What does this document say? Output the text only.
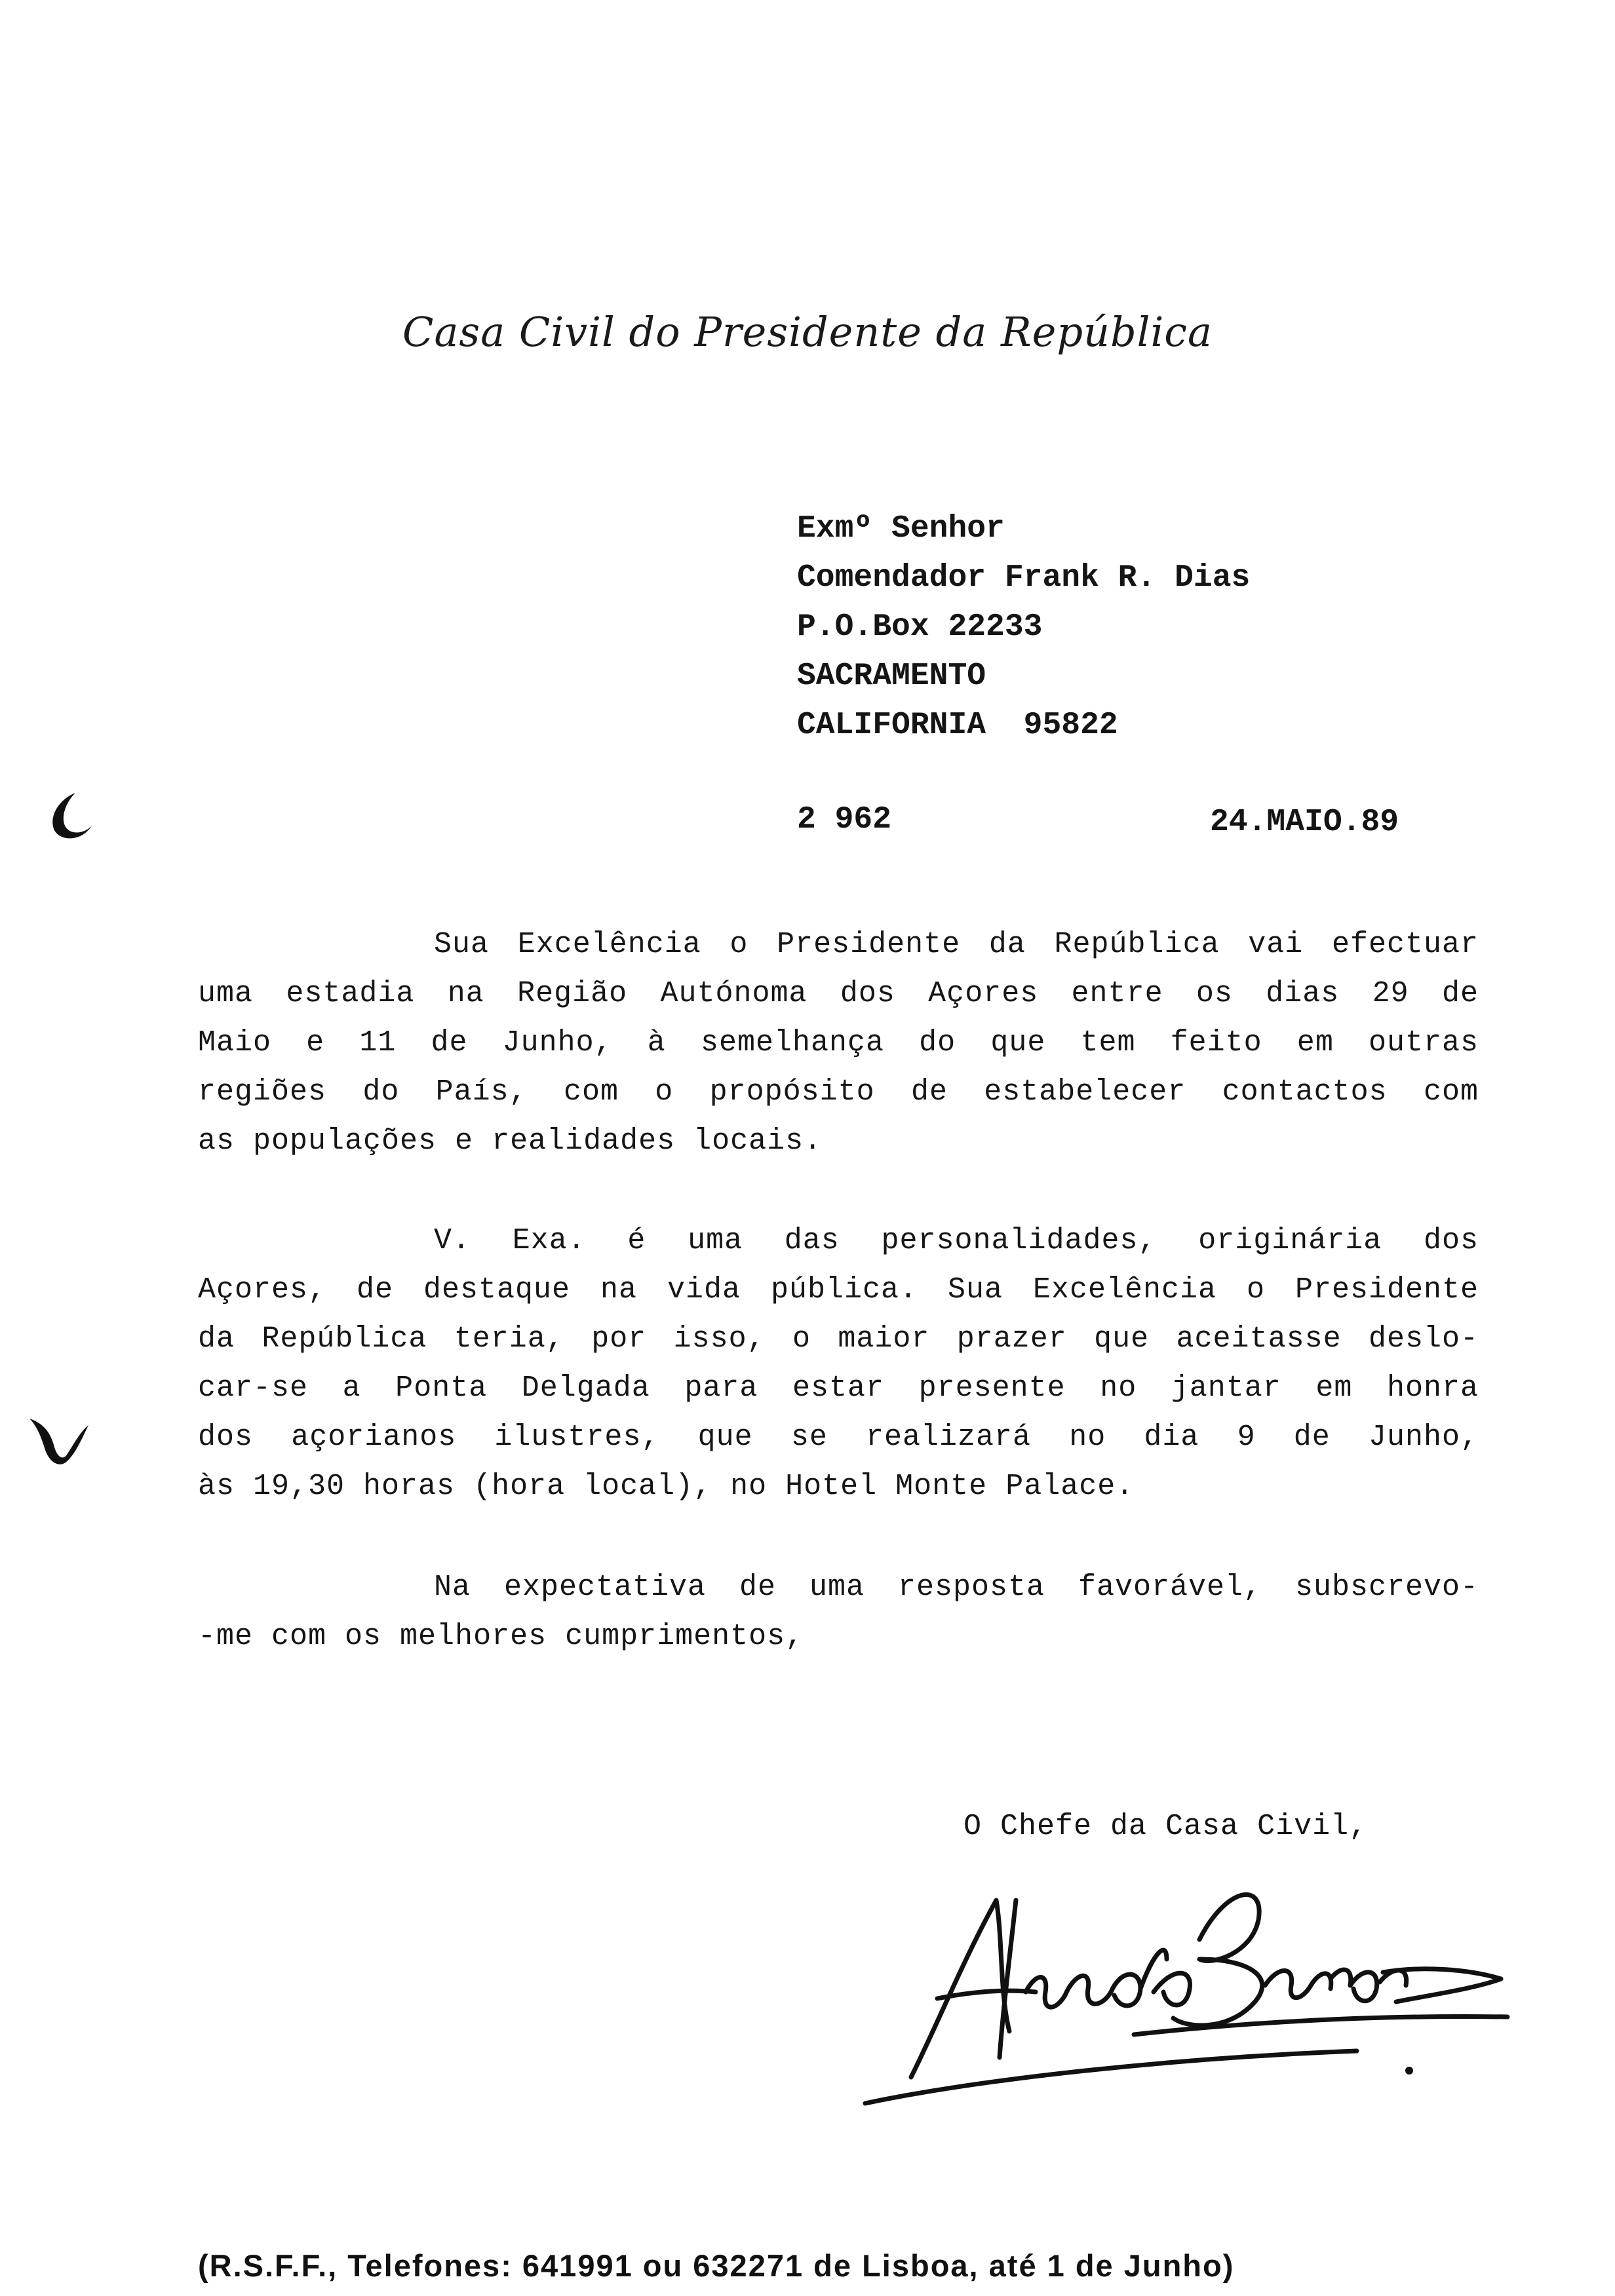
Casa Civil do Presidente da República
Exmº Senhor
Comendador Frank R. Dias
P.O.Box 22233
SACRAMENTO
CALIFORNIA  95822
2 962	24.MAIO.89
Sua Excelência o Presidente da República vai efectuar
uma estadia na Região Autónoma dos Açores entre os dias 29 de
Maio e 11 de Junho, à semelhança do que tem feito em outras
regiões do País, com o propósito de estabelecer contactos com
as populações e realidades locais.
V. Exa. é uma das personalidades, originária dos
Açores, de destaque na vida pública. Sua Excelência o Presidente
da República teria, por isso, o maior prazer que aceitasse deslo-
car-se a Ponta Delgada para estar presente no jantar em honra
dos açorianos ilustres, que se realizará no dia 9 de Junho,
às 19,30 horas (hora local), no Hotel Monte Palace.
Na expectativa de uma resposta favorável, subscrevo-
-me com os melhores cumprimentos,
O Chefe da Casa Civil,
(R.S.F.F., Telefones: 641991 ou 632271 de Lisboa, até 1 de Junho)
